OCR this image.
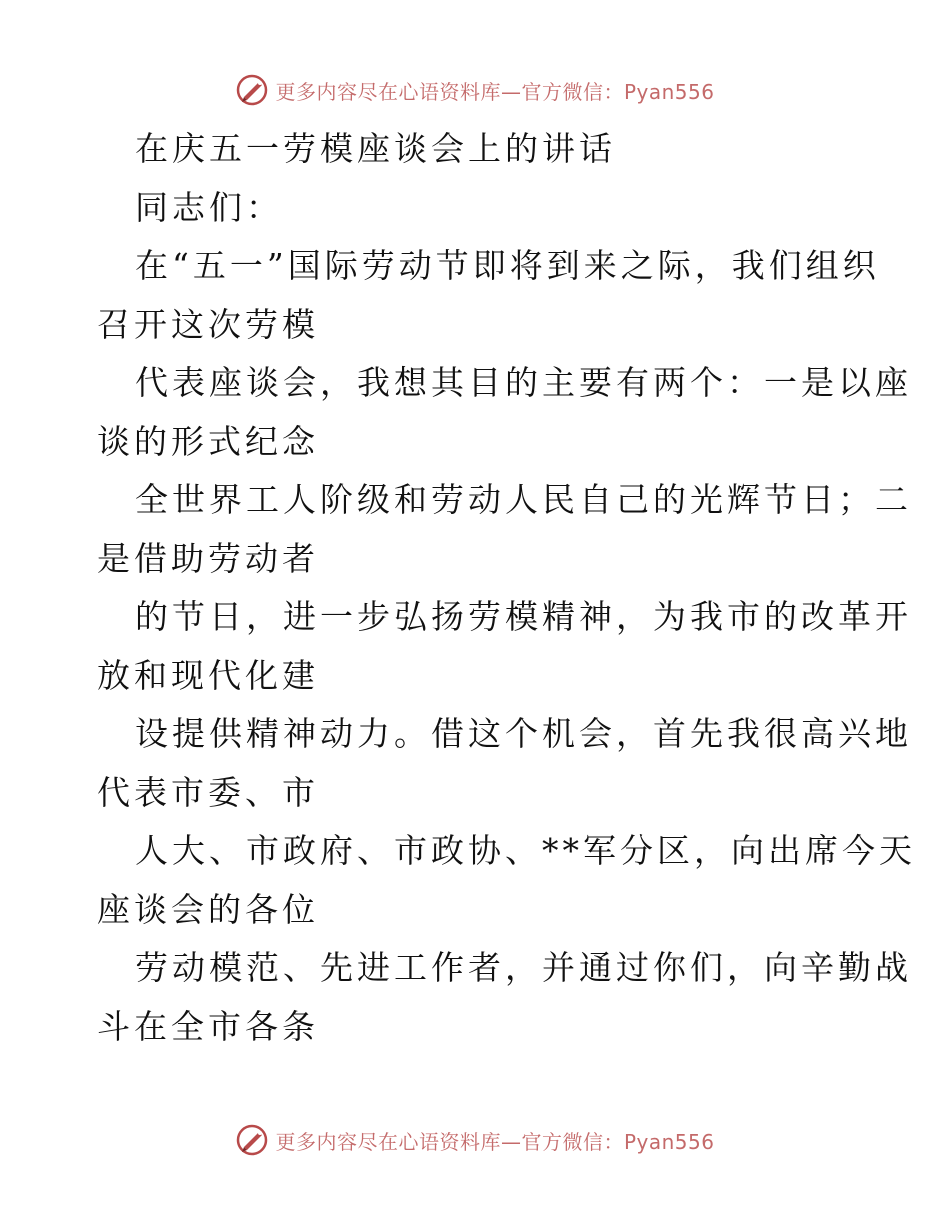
更多内容尽在心语资料库—官方微信：Pyan556
在庆五一劳模座谈会上的讲话
同志们：
在“五一”国际劳动节即将到来之际，我们组织
召开这次劳模
代表座谈会，我想其目的主要有两个：一是以座
谈的形式纪念
全世界工人阶级和劳动人民自己的光辉节日；二
是借助劳动者
的节日，进一步弘扬劳模精神，为我市的改革开
放和现代化建
设提供精神动力。借这个机会，首先我很高兴地
代表市委、市
人大、市政府、市政协、**军分区，向出席今天
座谈会的各位
劳动模范、先进工作者，并通过你们，向辛勤战
斗在全市各条
更多内容尽在心语资料库—官方微信：Pyan556
